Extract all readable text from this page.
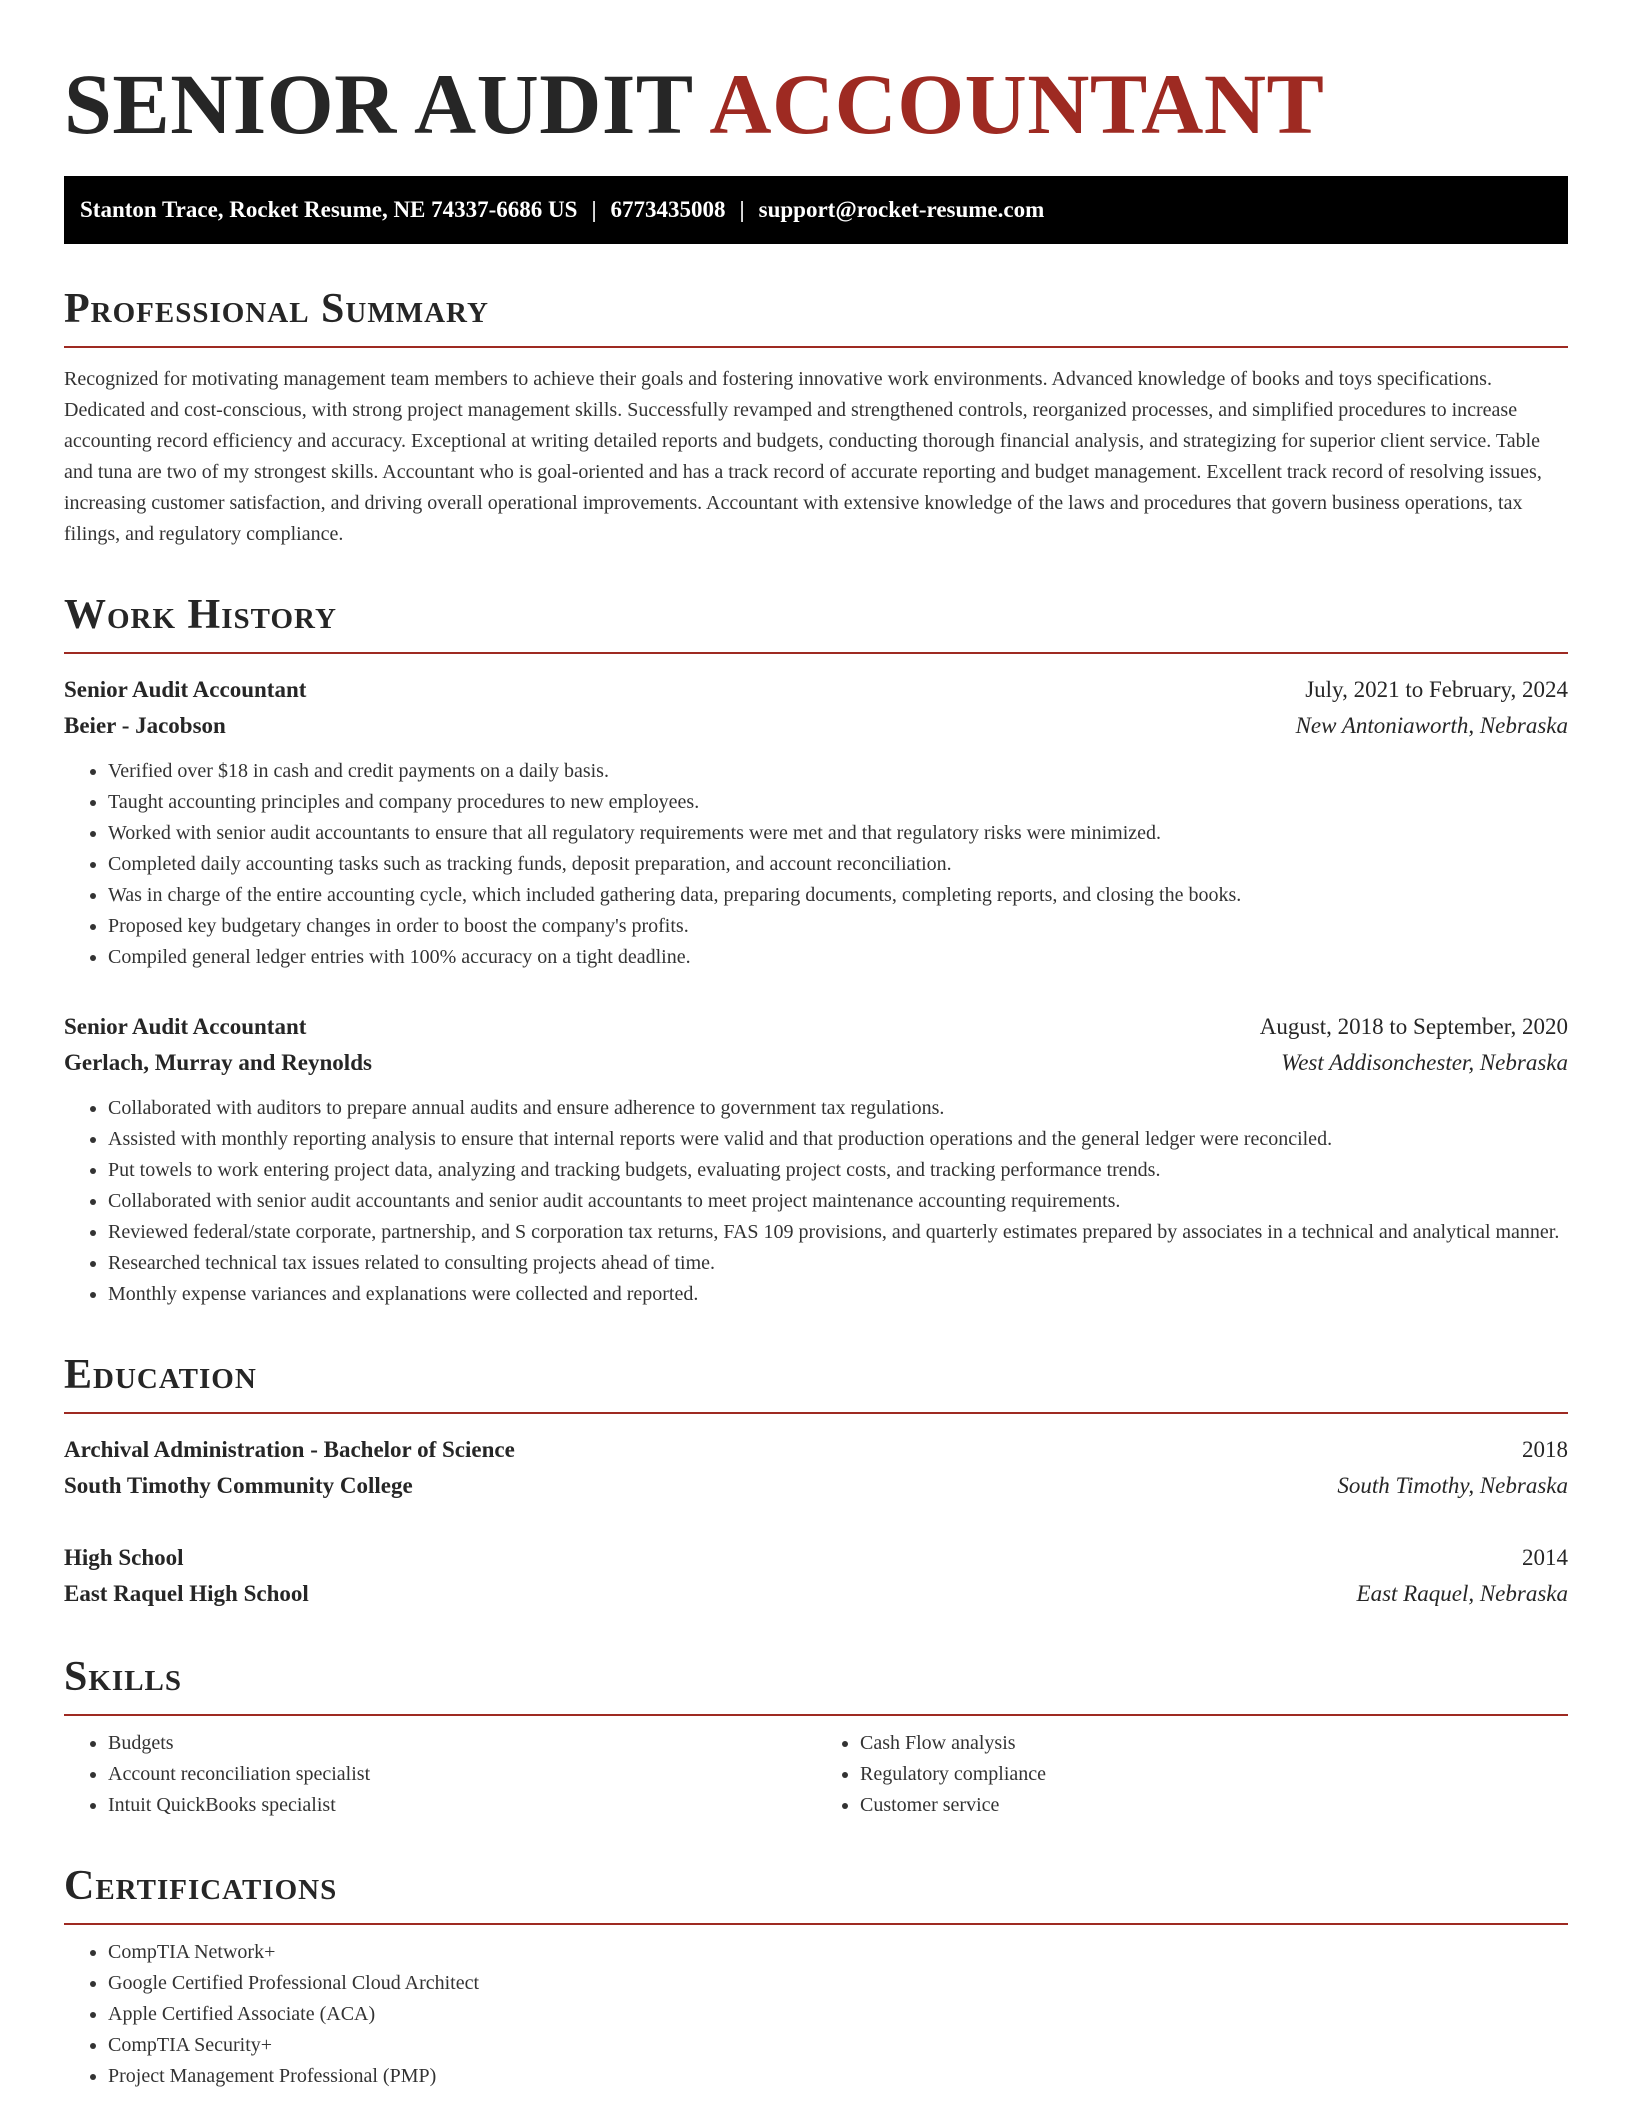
SENIOR AUDIT ACCOUNTANT
Stanton Trace, Rocket Resume, NE 74337-6686 US | 6773435008 | support@rocket-resume.com
Professional Summary

Recognized for motivating management team members to achieve their goals and fostering innovative work environments. Advanced knowledge of books and toys specifications. Dedicated and cost-conscious, with strong project management skills. Successfully revamped and strengthened controls, reorganized processes, and simplified procedures to increase accounting record efficiency and accuracy. Exceptional at writing detailed reports and budgets, conducting thorough financial analysis, and strategizing for superior client service. Table and tuna are two of my strongest skills. Accountant who is goal-oriented and has a track record of accurate reporting and budget management. Excellent track record of resolving issues, increasing customer satisfaction, and driving overall operational improvements. Accountant with extensive knowledge of the laws and procedures that govern business operations, tax filings, and regulatory compliance.

Work History
Senior Audit Accountant	July, 2021 to February, 2024
Beier - Jacobson	New Antoniaworth, Nebraska
• Verified over $18 in cash and credit payments on a daily basis.
• Taught accounting principles and company procedures to new employees.
• Worked with senior audit accountants to ensure that all regulatory requirements were met and that regulatory risks were minimized.
• Completed daily accounting tasks such as tracking funds, deposit preparation, and account reconciliation.
• Was in charge of the entire accounting cycle, which included gathering data, preparing documents, completing reports, and closing the books.
• Proposed key budgetary changes in order to boost the company's profits.
• Compiled general ledger entries with 100% accuracy on a tight deadline.
Senior Audit Accountant	August, 2018 to September, 2020
Gerlach, Murray and Reynolds	West Addisonchester, Nebraska
• Collaborated with auditors to prepare annual audits and ensure adherence to government tax regulations.
• Assisted with monthly reporting analysis to ensure that internal reports were valid and that production operations and the general ledger were reconciled.
• Put towels to work entering project data, analyzing and tracking budgets, evaluating project costs, and tracking performance trends.
• Collaborated with senior audit accountants and senior audit accountants to meet project maintenance accounting requirements.
• Reviewed federal/state corporate, partnership, and S corporation tax returns, FAS 109 provisions, and quarterly estimates prepared by associates in a technical and analytical manner.
• Researched technical tax issues related to consulting projects ahead of time.
• Monthly expense variances and explanations were collected and reported.
Education
Archival Administration - Bachelor of Science	2018
South Timothy Community College	South Timothy, Nebraska
High School	2014
East Raquel High School	East Raquel, Nebraska
Skills
• Budgets
• Account reconciliation specialist
• Intuit QuickBooks specialist
• Cash Flow analysis
• Regulatory compliance
• Customer service
Certifications
• CompTIA Network+
• Google Certified Professional Cloud Architect
• Apple Certified Associate (ACA)
• CompTIA Security+
• Project Management Professional (PMP)
